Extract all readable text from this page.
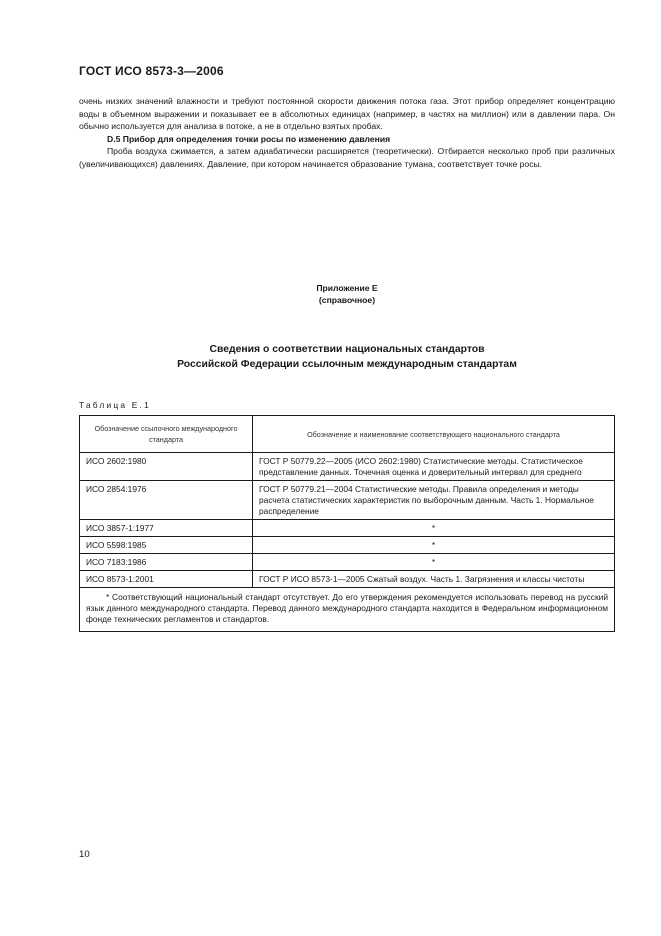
ГОСТ ИСО 8573-3—2006

очень низких значений влажности и требуют постоянной скорости движения потока газа. Этот прибор определяет концентрацию воды в объемном выражении и показывает ее в абсолютных единицах (например, в частях на миллион) или в давлении пара. Он обычно используется для анализа в потоке, а не в отдельно взятых пробах.

D.5 Прибор для определения точки росы по изменению давления

Проба воздуха сжимается, а затем адиабатически расширяется (теоретически). Отбирается несколько проб при различных (увеличивающихся) давлениях. Давление, при котором начинается образование тумана, соответствует точке росы.

Приложение Е
(справочное)
Сведения о соответствии национальных стандартов
Российской Федерации ссылочным международным стандартам
Таблица Е.1
Обозначение ссылочного международного стандарта	Обозначение и наименование соответствующего национального стандарта
ИСО 2602:1980	ГОСТ Р 50779.22—2005 (ИСО 2602:1980) Статистические методы. Статистическое представление данных. Точечная оценка и доверительный интервал для среднего
ИСО 2854:1976	ГОСТ Р 50779.21—2004 Статистические методы. Правила определения и методы расчета статистических характеристик по выборочным данным. Часть 1. Нормальное распределение
ИСО 3857-1:1977	*
ИСО 5598:1985	*
ИСО 7183:1986	*
ИСО 8573-1:2001	ГОСТ Р ИСО 8573-1—2005 Сжатый воздух. Часть 1. Загрязнения и классы чистоты

* Соответствующий национальный стандарт отсутствует. До его утверждения рекомендуется использовать перевод на русский язык данного международного стандарта. Перевод данного международного стандарта находится в Федеральном информационном фонде технических регламентов и стандартов.	
10
